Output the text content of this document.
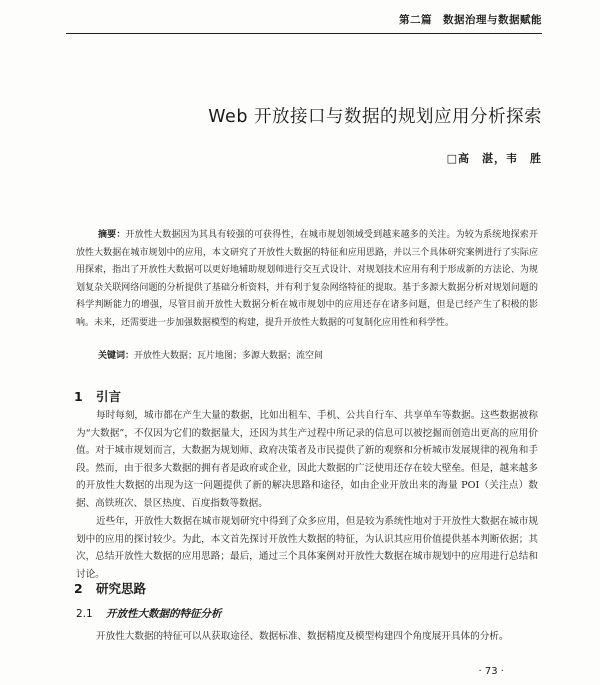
第二篇　数据治理与数据赋能
Web 开放接口与数据的规划应用分析探索
□高　湛，韦　胜

摘要：开放性大数据因为其具有较强的可获得性，在城市规划领域受到越来越多的关注。为较为系统地探索开放性大数据在城市规划中的应用，本文研究了开放性大数据的特征和应用思路，并以三个具体研究案例进行了实际应用探索，指出了开放性大数据可以更好地辅助规划师进行交互式设计、对规划技术应用有利于形成新的方法论、为规划复杂关联网络问题的分析提供了基础分析资料，并有利于复杂网络特征的提取。基于多源大数据分析对规划问题的科学判断能力的增强，尽管目前开放性大数据分析在城市规划中的应用还存在诸多问题，但是已经产生了积极的影响。未来，还需要进一步加强数据模型的构建，提升开放性大数据的可复制化应用性和科学性。

关键词：开放性大数据；瓦片地图；多源大数据；流空间

1 引言

每时每刻，城市都在产生大量的数据，比如出租车、手机、公共自行车、共享单车等数据。这些数据被称为“大数据”，不仅因为它们的数据量大，还因为其生产过程中所记录的信息可以被挖掘而创造出更高的应用价值。对于城市规划而言，大数据为规划师、政府决策者及市民提供了新的观察和分析城市发展规律的视角和手段。然而，由于很多大数据的拥有者是政府或企业，因此大数据的广泛使用还存在较大壁垒。但是，越来越多的开放性大数据的出现为这一问题提供了新的解决思路和途径，如由企业开放出来的海量 POI（关注点）数据、高铁班次、景区热度、百度指数等数据。

近些年，开放性大数据在城市规划研究中得到了众多应用，但是较为系统性地对于开放性大数据在城市规划中的应用的探讨较少。为此，本文首先探讨开放性大数据的特征，为认识其应用价值提供基本判断依据；其次，总结开放性大数据的应用思路；最后，通过三个具体案例对开放性大数据在城市规划中的应用进行总结和讨论。

2 研究思路
2.1 开放性大数据的特征分析

开放性大数据的特征可以从获取途径、数据标准、数据精度及模型构建四个角度展开具体的分析。

· 73 ·
